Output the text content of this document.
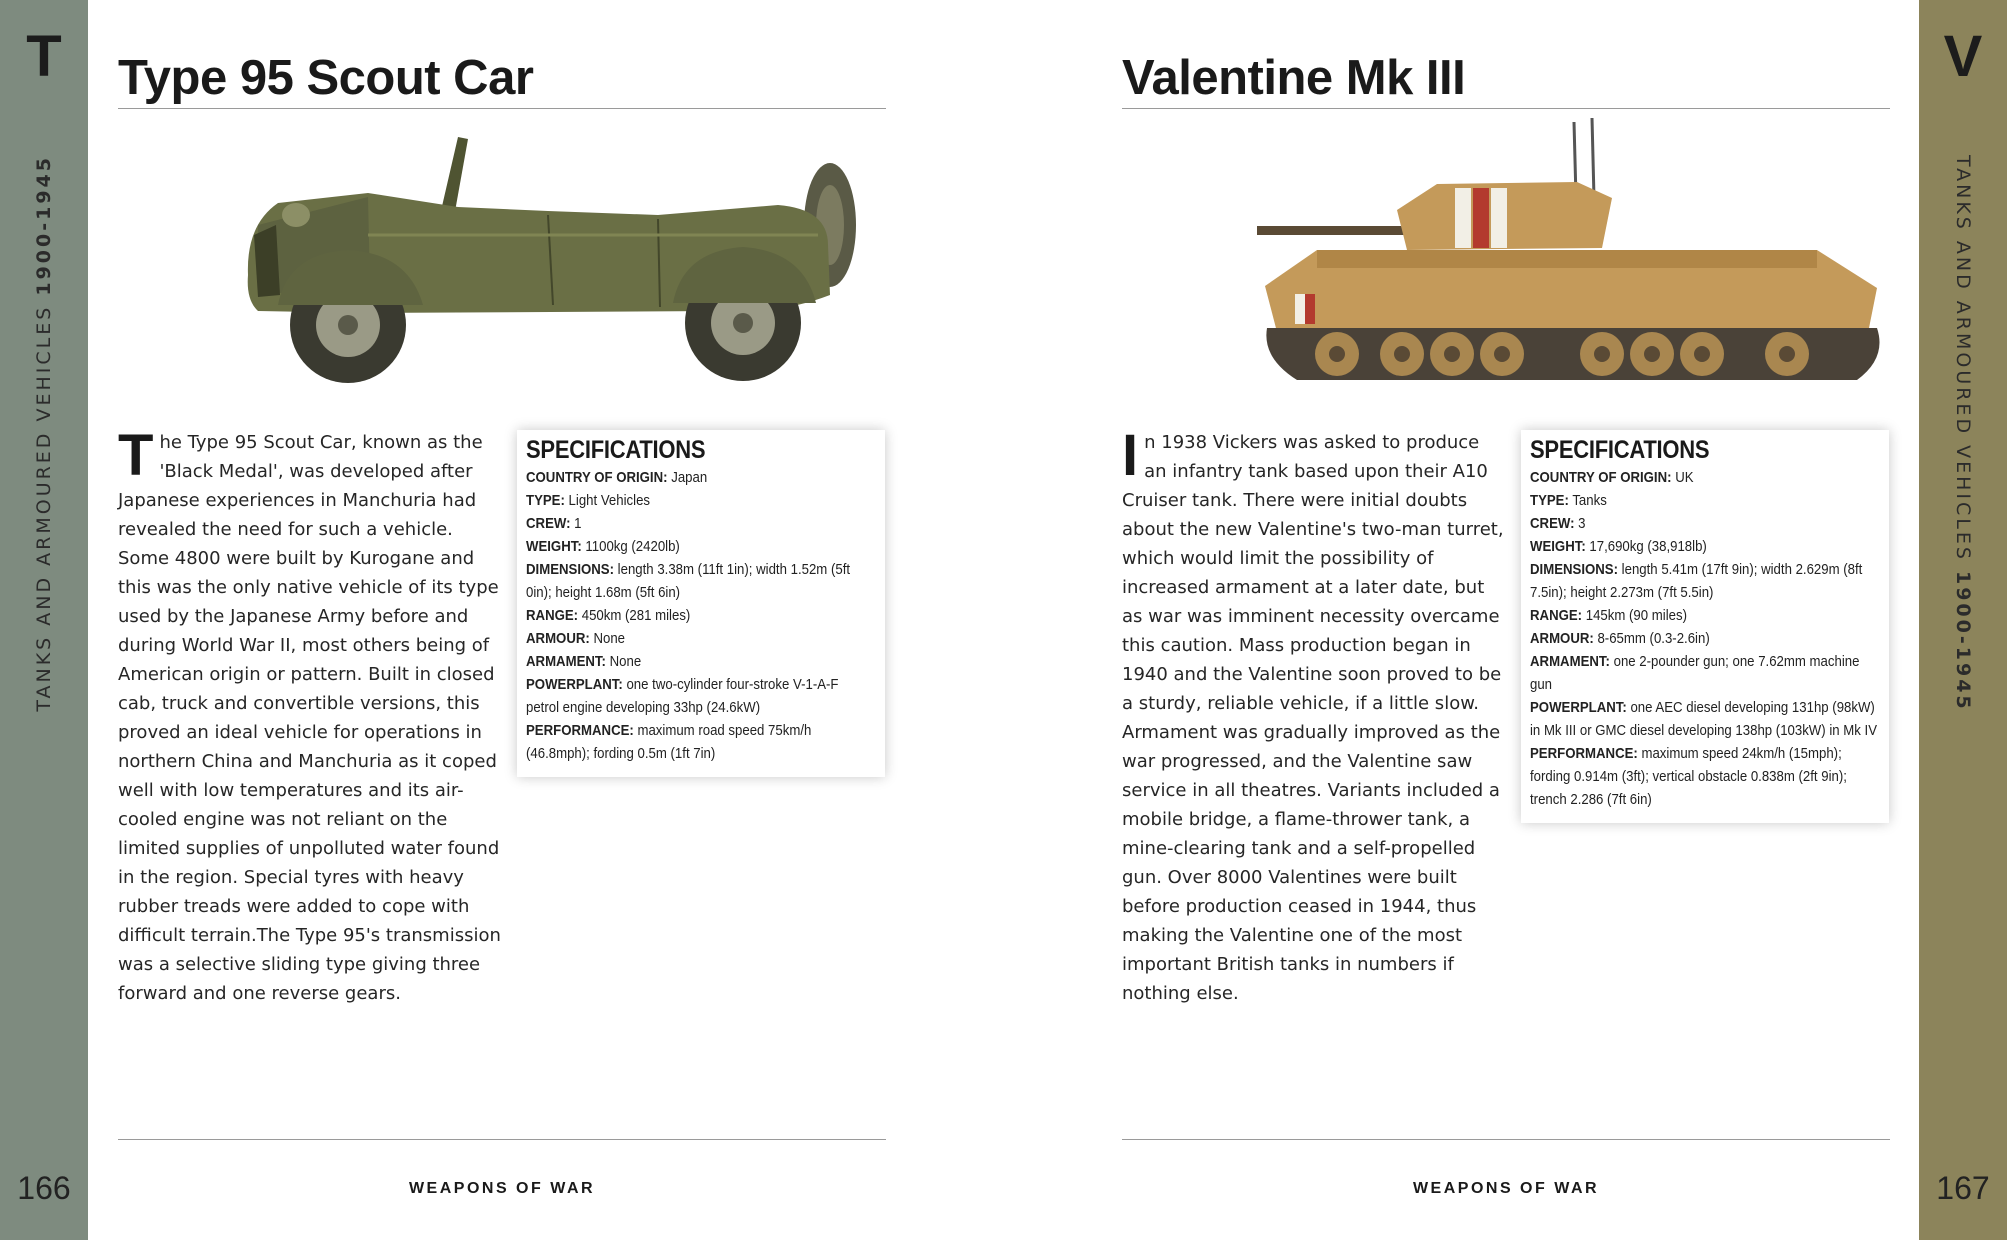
T
TANKS AND ARMOURED VEHICLES 1900-1945
166
Type 95 Scout Car

The Type 95 Scout Car, known as the 'Black Medal', was developed after Japanese experiences in Manchuria had revealed the need for such a vehicle. Some 4800 were built by Kurogane and this was the only native vehicle of its type used by the Japanese Army before and during World War II, most others being of American origin or pattern. Built in closed cab, truck and convertible versions, this proved an ideal vehicle for operations in northern China and Manchuria as it coped well with low temperatures and its air-cooled engine was not reliant on the limited supplies of unpolluted water found in the region. Special tyres with heavy rubber treads were added to cope with difficult terrain.The Type 95's transmission was a selective sliding type giving three forward and one reverse gears.

SPECIFICATIONS
COUNTRY OF ORIGIN: Japan
TYPE: Light Vehicles
CREW: 1
WEIGHT: 1100kg (2420lb)
DIMENSIONS: length 3.38m (11ft 1in); width 1.52m (5ft 0in); height 1.68m (5ft 6in)
RANGE: 450km (281 miles)
ARMOUR: None
ARMAMENT: None
POWERPLANT: one two-cylinder four-stroke V-1-A-F petrol engine developing 33hp (24.6kW)
PERFORMANCE: maximum road speed 75km/h (46.8mph); fording 0.5m (1ft 7in)
WEAPONS OF WAR
Valentine Mk III

In 1938 Vickers was asked to produce an infantry tank based upon their A10 Cruiser tank. There were initial doubts about the new Valentine's two-man turret, which would limit the possibility of increased armament at a later date, but as war was imminent necessity overcame this caution. Mass production began in 1940 and the Valentine soon proved to be a sturdy, reliable vehicle, if a little slow. Armament was gradually improved as the war progressed, and the Valentine saw service in all theatres. Variants included a mobile bridge, a flame-thrower tank, a mine-clearing tank and a self-propelled gun. Over 8000 Valentines were built before production ceased in 1944, thus making the Valentine one of the most important British tanks in numbers if nothing else.

SPECIFICATIONS
COUNTRY OF ORIGIN: UK
TYPE: Tanks
CREW: 3
WEIGHT: 17,690kg (38,918lb)
DIMENSIONS: length 5.41m (17ft 9in); width 2.629m (8ft 7.5in); height 2.273m (7ft 5.5in)
RANGE: 145km (90 miles)
ARMOUR: 8-65mm (0.3-2.6in)
ARMAMENT: one 2-pounder gun; one 7.62mm machine gun
POWERPLANT: one AEC diesel developing 131hp (98kW) in Mk III or GMC diesel developing 138hp (103kW) in Mk IV
PERFORMANCE: maximum speed 24km/h (15mph); fording 0.914m (3ft); vertical obstacle 0.838m (2ft 9in); trench 2.286 (7ft 6in)
WEAPONS OF WAR
V
TANKS AND ARMOURED VEHICLES 1900-1945
167
